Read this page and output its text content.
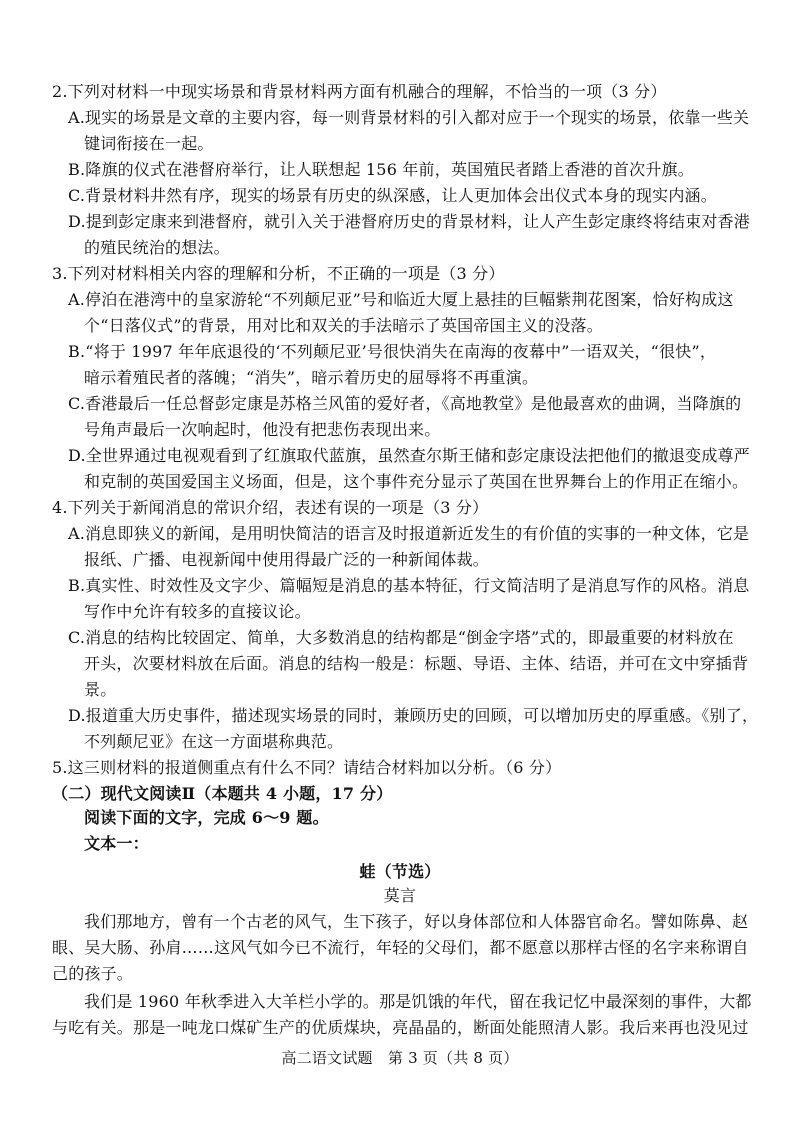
2.下列对材料一中现实场景和背景材料两方面有机融合的理解，不恰当的一项（3 分）
A.现实的场景是文章的主要内容，每一则背景材料的引入都对应于一个现实的场景，依靠一些关
键词衔接在一起。
B.降旗的仪式在港督府举行，让人联想起 156 年前，英国殖民者踏上香港的首次升旗。
C.背景材料井然有序，现实的场景有历史的纵深感，让人更加体会出仪式本身的现实内涵。
D.提到彭定康来到港督府，就引入关于港督府历史的背景材料，让人产生彭定康终将结束对香港
的殖民统治的想法。
3.下列对材料相关内容的理解和分析，不正确的一项是（3 分）
A.停泊在港湾中的皇家游轮“不列颠尼亚”号和临近大厦上悬挂的巨幅紫荆花图案，恰好构成这
个“日落仪式”的背景，用对比和双关的手法暗示了英国帝国主义的没落。
B.“将于 1997 年年底退役的‘不列颠尼亚’号很快消失在南海的夜幕中”一语双关，“很快”，
暗示着殖民者的落魄；“消失”，暗示着历史的屈辱将不再重演。
C.香港最后一任总督彭定康是苏格兰风笛的爱好者，《高地教堂》是他最喜欢的曲调，当降旗的
号角声最后一次响起时，他没有把悲伤表现出来。
D.全世界通过电视观看到了红旗取代蓝旗，虽然查尔斯王储和彭定康设法把他们的撤退变成尊严
和克制的英国爱国主义场面，但是，这个事件充分显示了英国在世界舞台上的作用正在缩小。
4.下列关于新闻消息的常识介绍，表述有误的一项是（3 分）
A.消息即狭义的新闻，是用明快简洁的语言及时报道新近发生的有价值的实事的一种文体，它是
报纸、广播、电视新闻中使用得最广泛的一种新闻体裁。
B.真实性、时效性及文字少、篇幅短是消息的基本特征，行文简洁明了是消息写作的风格。消息
写作中允许有较多的直接议论。
C.消息的结构比较固定、简单，大多数消息的结构都是“倒金字塔”式的，即最重要的材料放在
开头，次要材料放在后面。消息的结构一般是：标题、导语、主体、结语，并可在文中穿插背
景。
D.报道重大历史事件，描述现实场景的同时，兼顾历史的回顾，可以增加历史的厚重感。《别了，
不列颠尼亚》在这一方面堪称典范。
5.这三则材料的报道侧重点有什么不同？请结合材料加以分析。（6 分）
（二）现代文阅读Ⅱ（本题共 4 小题，17 分）
阅读下面的文字，完成 6～9 题。
文本一：
蛙（节选）
莫言
我们那地方，曾有一个古老的风气，生下孩子，好以身体部位和人体器官命名。譬如陈鼻、赵
眼、吴大肠、孙肩……这风气如今已不流行，年轻的父母们，都不愿意以那样古怪的名字来称谓自
己的孩子。
我们是 1960 年秋季进入大羊栏小学的。那是饥饿的年代，留在我记忆中最深刻的事件，大都
与吃有关。那是一吨龙口煤矿生产的优质煤块，亮晶晶的，断面处能照清人影。我后来再也没见过
高二语文试题　第 3 页（共 8 页）
